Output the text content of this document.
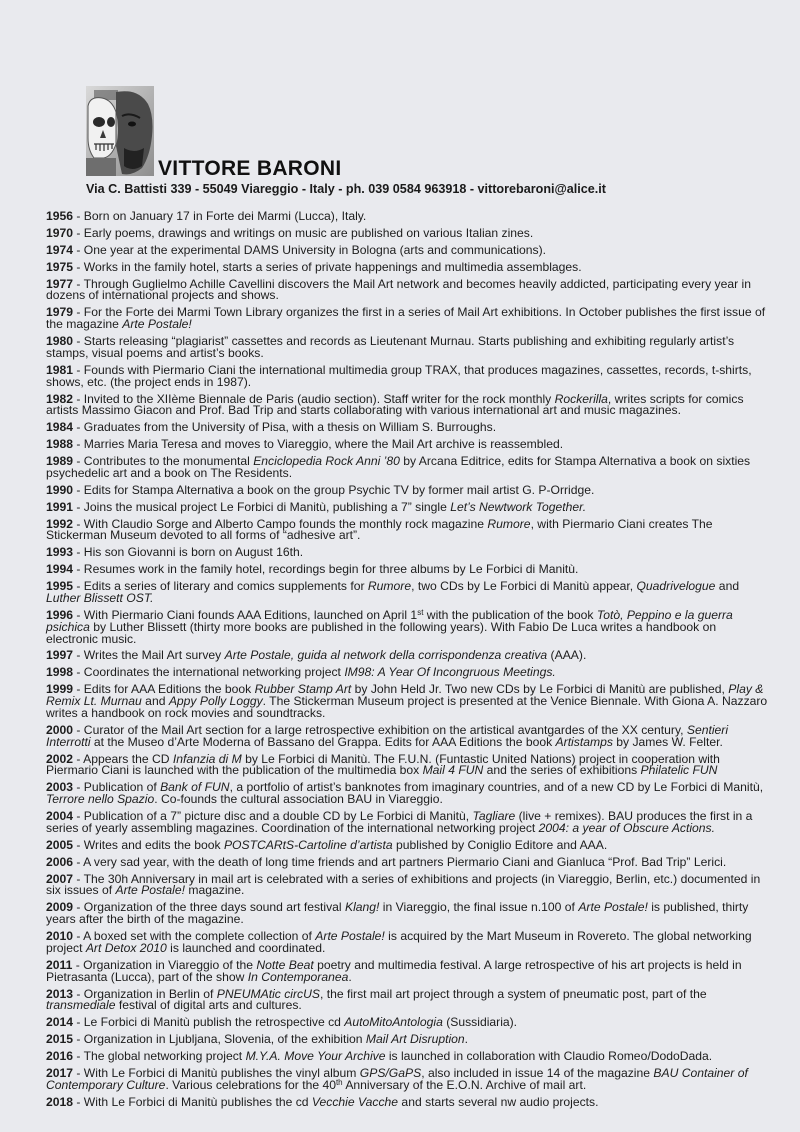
VITTORE BARONI
Via C. Battisti 339 - 55049 Viareggio - Italy - ph. 039 0584 963918 - vittorebaroni@alice.it
1956 - Born on January 17 in Forte dei Marmi (Lucca), Italy.
1970 - Early poems, drawings and writings on music are published on various Italian zines.
1974 - One year at the experimental DAMS University in Bologna (arts and communications).
1975 - Works in the family hotel, starts a series of private happenings and multimedia assemblages.
1977 - Through Guglielmo Achille Cavellini discovers the Mail Art network and becomes heavily addicted, participating every year in dozens of international projects and shows.
1979 - For the Forte dei Marmi Town Library organizes the first in a series of Mail Art exhibitions. In October publishes the first issue of the magazine Arte Postale!
1980 - Starts releasing “plagiarist” cassettes and records as Lieutenant Murnau. Starts publishing and exhibiting regularly artist’s stamps, visual poems and artist’s books.
1981 - Founds with Piermario Ciani the international multimedia group TRAX, that produces magazines, cassettes, records, t-shirts, shows, etc. (the project ends in 1987).
1982 - Invited to the XIIème Biennale de Paris (audio section). Staff writer for the rock monthly Rockerilla, writes scripts for comics artists Massimo Giacon and Prof. Bad Trip and starts collaborating with various international art and music magazines.
1984 - Graduates from the University of Pisa, with a thesis on William S. Burroughs.
1988 - Marries Maria Teresa and moves to Viareggio, where the Mail Art archive is reassembled.
1989 - Contributes to the monumental Enciclopedia Rock Anni ’80 by Arcana Editrice, edits for Stampa Alternativa a book on sixties psychedelic art and a book on The Residents.
1990 - Edits for Stampa Alternativa a book on the group Psychic TV by former mail artist G. P-Orridge.
1991 - Joins the musical project Le Forbici di Manitù, publishing a 7” single Let’s Newtwork Together.
1992 - With Claudio Sorge and Alberto Campo founds the monthly rock magazine Rumore, with Piermario Ciani creates The Stickerman Museum devoted to all forms of “adhesive art”.
1993 - His son Giovanni is born on August 16th.
1994 - Resumes work in the family hotel, recordings begin for three albums by Le Forbici di Manitù.
1995 - Edits a series of literary and comics supplements for Rumore, two CDs by Le Forbici di Manitù appear, Quadrivelogue and Luther Blissett OST.
1996 - With Piermario Ciani founds AAA Editions, launched on April 1st with the publication of the book Totò, Peppino e la guerra psichica by Luther Blissett (thirty more books are published in the following years). With Fabio De Luca writes a handbook on electronic music.
1997 - Writes the Mail Art survey Arte Postale, guida al network della corrispondenza creativa (AAA).
1998 - Coordinates the international networking project IM98: A Year Of Incongruous Meetings.
1999 - Edits for AAA Editions the book Rubber Stamp Art by John Held Jr. Two new CDs by Le Forbici di Manitù are published, Play & Remix Lt. Murnau and Appy Polly Loggy. The Stickerman Museum project is presented at the Venice Biennale. With Giona A. Nazzaro writes a handbook on rock movies and soundtracks.
2000 - Curator of the Mail Art section for a large retrospective exhibition on the artistical avantgardes of the XX century, Sentieri Interrotti at the Museo d’Arte Moderna of Bassano del Grappa. Edits for AAA Editions the book Artistamps by James W. Felter.
2002 - Appears the CD Infanzia di M by Le Forbici di Manitù. The F.U.N. (Funtastic United Nations) project in cooperation with Piermario Ciani is launched with the publication of the multimedia box Mail 4 FUN and the series of exhibitions Philatelic FUN
2003 - Publication of Bank of FUN, a portfolio of artist’s banknotes from imaginary countries, and of a new CD by Le Forbici di Manitù, Terrore nello Spazio. Co-founds the cultural association BAU in Viareggio.
2004 - Publication of a 7” picture disc and a double CD by Le Forbici di Manitù, Tagliare (live + remixes). BAU produces the first in a series of yearly assembling magazines. Coordination of the international networking project 2004: a year of Obscure Actions.
2005 - Writes and edits the book POSTCARtS-Cartoline d’artista published by Coniglio Editore and AAA.
2006 - A very sad year, with the death of long time friends and art partners Piermario Ciani and Gianluca “Prof. Bad Trip” Lerici.
2007 - The 30h Anniversary in mail art is celebrated with a series of exhibitions and projects (in Viareggio, Berlin, etc.) documented in six issues of Arte Postale! magazine.
2009 - Organization of the three days sound art festival Klang! in Viareggio, the final issue n.100 of Arte Postale! is published, thirty years after the birth of the magazine.
2010 - A boxed set with the complete collection of Arte Postale! is acquired by the Mart Museum in Rovereto. The global networking project Art Detox 2010 is launched and coordinated.
2011 - Organization in Viareggio of the Notte Beat poetry and multimedia festival. A large retrospective of his art projects is held in Pietrasanta (Lucca), part of the show In Contemporanea.
2013 - Organization in Berlin of PNEUMAtic circUS, the first mail art project through a system of pneumatic post, part of the transmediale festival of digital arts and cultures.
2014 - Le Forbici di Manitù publish the retrospective cd AutoMitoAntologia (Sussidiaria).
2015 - Organization in Ljubljana, Slovenia, of the exhibition Mail Art Disruption.
2016 - The global networking project M.Y.A. Move Your Archive is launched in collaboration with Claudio Romeo/DodoDada.
2017 - With Le Forbici di Manitù publishes the vinyl album GPS/GaPS, also included in issue 14 of the magazine BAU Container of Contemporary Culture. Various celebrations for the 40th Anniversary of the E.O.N. Archive of mail art.
2018 - With Le Forbici di Manitù publishes the cd Vecchie Vacche and starts several nw audio projects.
